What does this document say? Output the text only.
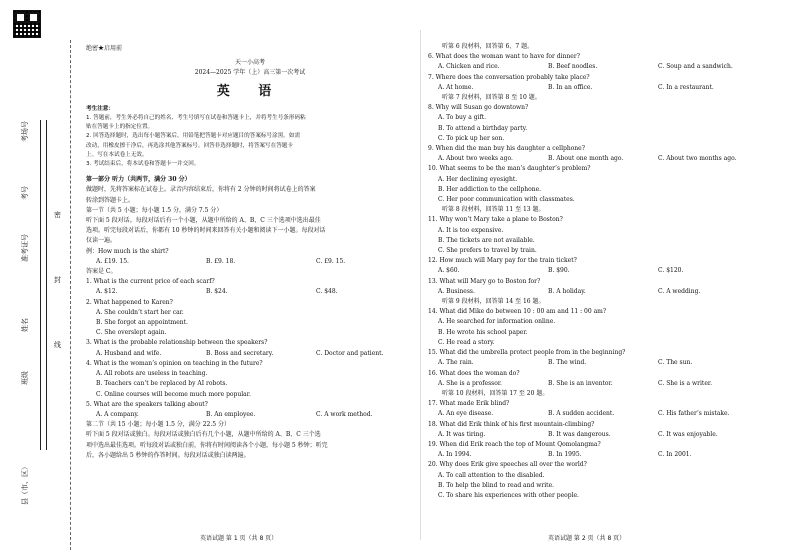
考场号
考号
准考证号
姓名
班级
县（市、区）
密
封
线
绝密★启用前
天一小高考
2024—2025 学年（上）高三第一次考试
英 语
考生注意：
1. 答题前，考生务必将自己的姓名、考生号填写在试卷和答题卡上，并将考生号条形码粘
贴在答题卡上的指定位置。
2. 回答选择题时，选出每小题答案后，用铅笔把答题卡对应题目的答案标号涂黑。如需
改动，用橡皮擦干净后，再选涂其他答案标号。回答非选择题时，将答案写在答题卡
上。写在本试卷上无效。
3. 考试结束后，将本试卷和答题卡一并交回。
第一部分 听力（共两节，满分 30 分）
做题时，先将答案标在试卷上。录音内容结束后，你将有 2 分钟的时间将试卷上的答案
转涂到答题卡上。
第一节（共 5 小题；每小题 1.5 分，满分 7.5 分）
听下面 5 段对话。每段对话后有一个小题，从题中所给的 A、B、C 三个选项中选出最佳
选项。听完每段对话后，你都有 10 秒钟的时间来回答有关小题和阅读下一小题。每段对话
仅读一遍。
例：How much is the shirt?
A. £19. 15.	B. £9. 18.	C. £9. 15.
答案是 C。
1. What is the current price of each scarf?
A. $12.	B. $24.	C. $48.
2. What happened to Karen?
A. She couldn’t start her car.
B. She forgot an appointment.
C. She overslept again.
3. What is the probable relationship between the speakers?
A. Husband and wife.	B. Boss and secretary.	C. Doctor and patient.
4. What is the woman’s opinion on teaching in the future?
A. All robots are useless in teaching.
B. Teachers can’t be replaced by AI robots.
C. Online courses will become much more popular.
5. What are the speakers talking about?
A. A company.	B. An employee.	C. A work method.
第二节（共 15 小题；每小题 1.5 分，满分 22.5 分）
听下面 5 段对话或独白。每段对话或独白后有几个小题，从题中所给的 A、B、C 三个选
项中选出最佳选项。听每段对话或独白前，你将有时间阅读各个小题，每小题 5 秒钟；听完
后，各小题给出 5 秒钟的作答时间。每段对话或独白读两遍。
听第 6 段材料，回答第 6、7 题。
6. What does the woman want to have for dinner?
A. Chicken and rice.	B. Beef noodles.	C. Soup and a sandwich.
7. Where does the conversation probably take place?
A. At home.	B. In an office.	C. In a restaurant.
听第 7 段材料，回答第 8 至 10 题。
8. Why will Susan go downtown?
A. To buy a gift.
B. To attend a birthday party.
C. To pick up her son.
9. When did the man buy his daughter a cellphone?
A. About two weeks ago.	B. About one month ago.	C. About two months ago.
10. What seems to be the man’s daughter’s problem?
A. Her declining eyesight.
B. Her addiction to the cellphone.
C. Her poor communication with classmates.
听第 8 段材料，回答第 11 至 13 题。
11. Why won’t Mary take a plane to Boston?
A. It is too expensive.
B. The tickets are not available.
C. She prefers to travel by train.
12. How much will Mary pay for the train ticket?
A. $60.	B. $90.	C. $120.
13. What will Mary go to Boston for?
A. Business.	B. A holiday.	C. A wedding.
听第 9 段材料，回答第 14 至 16 题。
14. What did Mike do between 10 : 00 am and 11 : 00 am?
A. He searched for information online.
B. He wrote his school paper.
C. He read a story.
15. What did the umbrella protect people from in the beginning?
A. The rain.	B. The wind.	C. The sun.
16. What does the woman do?
A. She is a professor.	B. She is an inventor.	C. She is a writer.
听第 10 段材料，回答第 17 至 20 题。
17. What made Erik blind?
A. An eye disease.	B. A sudden accident.	C. His father’s mistake.
18. What did Erik think of his first mountain-climbing?
A. It was tiring.	B. It was dangerous.	C. It was enjoyable.
19. When did Erik reach the top of Mount Qomolangma?
A. In 1994.	B. In 1995.	C. In 2001.
20. Why does Erik give speeches all over the world?
A. To call attention to the disabled.
B. To help the blind to read and write.
C. To share his experiences with other people.
英语试题 第 1 页（共 8 页）	英语试题 第 2 页（共 8 页）
